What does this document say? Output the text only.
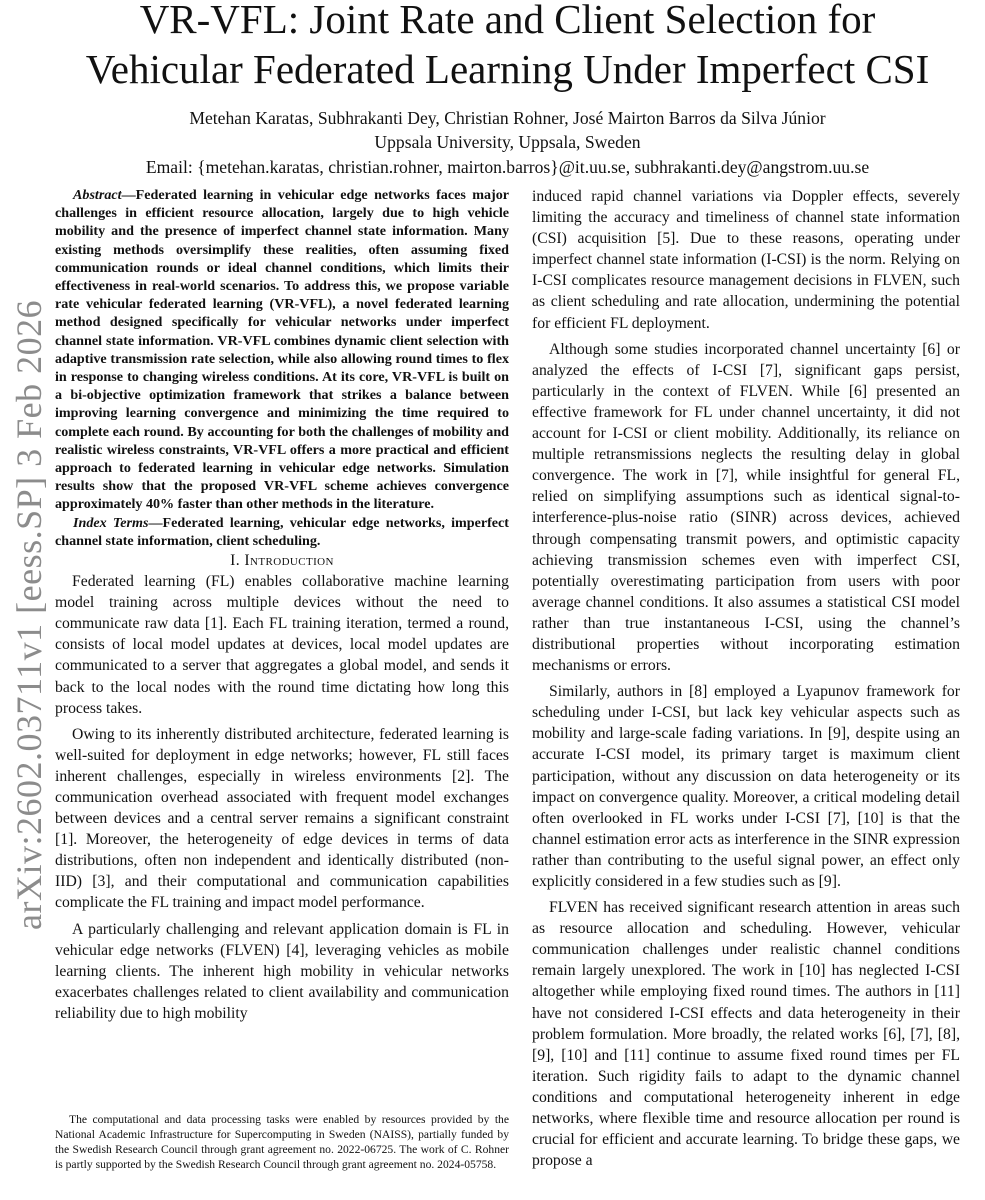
arXiv:2602.03711v1 [eess.SP] 3 Feb 2026
VR-VFL: Joint Rate and Client Selection for
Vehicular Federated Learning Under Imperfect CSI
Metehan Karatas, Subhrakanti Dey, Christian Rohner, José Mairton Barros da Silva Júnior
Uppsala University, Uppsala, Sweden
Email: {metehan.karatas, christian.rohner, mairton.barros}@it.uu.se, subhrakanti.dey@angstrom.uu.se

Abstract—Federated learning in vehicular edge networks faces major challenges in efficient resource allocation, largely due to high vehicle mobility and the presence of imperfect channel state information. Many existing methods oversimplify these realities, often assuming fixed communication rounds or ideal channel conditions, which limits their effectiveness in real-world scenarios. To address this, we propose variable rate vehicular federated learning (VR-VFL), a novel federated learning method designed specifically for vehicular networks under imperfect channel state information. VR-VFL combines dynamic client selection with adaptive transmission rate selection, while also allowing round times to flex in response to changing wireless conditions. At its core, VR-VFL is built on a bi-objective optimization framework that strikes a balance between improving learning convergence and minimizing the time required to complete each round. By accounting for both the challenges of mobility and realistic wireless constraints, VR-VFL offers a more practical and efficient approach to federated learning in vehicular edge networks. Simulation results show that the proposed VR-VFL scheme achieves convergence approximately 40% faster than other methods in the literature.

Index Terms—Federated learning, vehicular edge networks, imperfect channel state information, client scheduling.

I. Introduction

Federated learning (FL) enables collaborative machine learning model training across multiple devices without the need to communicate raw data [1]. Each FL training iteration, termed a round, consists of local model updates at devices, local model updates are communicated to a server that aggregates a global model, and sends it back to the local nodes with the round time dictating how long this process takes.

Owing to its inherently distributed architecture, federated learning is well-suited for deployment in edge networks; however, FL still faces inherent challenges, especially in wireless environments [2]. The communication overhead associated with frequent model exchanges between devices and a central server remains a significant constraint [1]. Moreover, the heterogeneity of edge devices in terms of data distributions, often non independent and identically distributed (non-IID) [3], and their computational and communication capabilities complicate the FL training and impact model performance.

A particularly challenging and relevant application domain is FL in vehicular edge networks (FLVEN) [4], leveraging vehicles as mobile learning clients. The inherent high mobility in vehicular networks exacerbates challenges related to client availability and communication reliability due to high mobility

The computational and data processing tasks were enabled by resources provided by the National Academic Infrastructure for Supercomputing in Sweden (NAISS), partially funded by the Swedish Research Council through grant agreement no. 2022-06725. The work of C. Rohner is partly supported by the Swedish Research Council through grant agreement no. 2024-05758.

induced rapid channel variations via Doppler effects, severely limiting the accuracy and timeliness of channel state information (CSI) acquisition [5]. Due to these reasons, operating under imperfect channel state information (I-CSI) is the norm. Relying on I-CSI complicates resource management decisions in FLVEN, such as client scheduling and rate allocation, undermining the potential for efficient FL deployment.

Although some studies incorporated channel uncertainty [6] or analyzed the effects of I-CSI [7], significant gaps persist, particularly in the context of FLVEN. While [6] presented an effective framework for FL under channel uncertainty, it did not account for I-CSI or client mobility. Additionally, its reliance on multiple retransmissions neglects the resulting delay in global convergence. The work in [7], while insightful for general FL, relied on simplifying assumptions such as identical signal-to-interference-plus-noise ratio (SINR) across devices, achieved through compensating transmit powers, and optimistic capacity achieving transmission schemes even with imperfect CSI, potentially overestimating participation from users with poor average channel conditions. It also assumes a statistical CSI model rather than true instantaneous I-CSI, using the channel’s distributional properties without incorporating estimation mechanisms or errors.

Similarly, authors in [8] employed a Lyapunov framework for scheduling under I-CSI, but lack key vehicular aspects such as mobility and large-scale fading variations. In [9], despite using an accurate I-CSI model, its primary target is maximum client participation, without any discussion on data heterogeneity or its impact on convergence quality. Moreover, a critical modeling detail often overlooked in FL works under I-CSI [7], [10] is that the channel estimation error acts as interference in the SINR expression rather than contributing to the useful signal power, an effect only explicitly considered in a few studies such as [9].

FLVEN has received significant research attention in areas such as resource allocation and scheduling. However, vehicular communication challenges under realistic channel conditions remain largely unexplored. The work in [10] has neglected I-CSI altogether while employing fixed round times. The authors in [11] have not considered I-CSI effects and data heterogeneity in their problem formulation. More broadly, the related works [6], [7], [8], [9], [10] and [11] continue to assume fixed round times per FL iteration. Such rigidity fails to adapt to the dynamic channel conditions and computational heterogeneity inherent in edge networks, where flexible time and resource allocation per round is crucial for efficient and accurate learning. To bridge these gaps, we propose a
